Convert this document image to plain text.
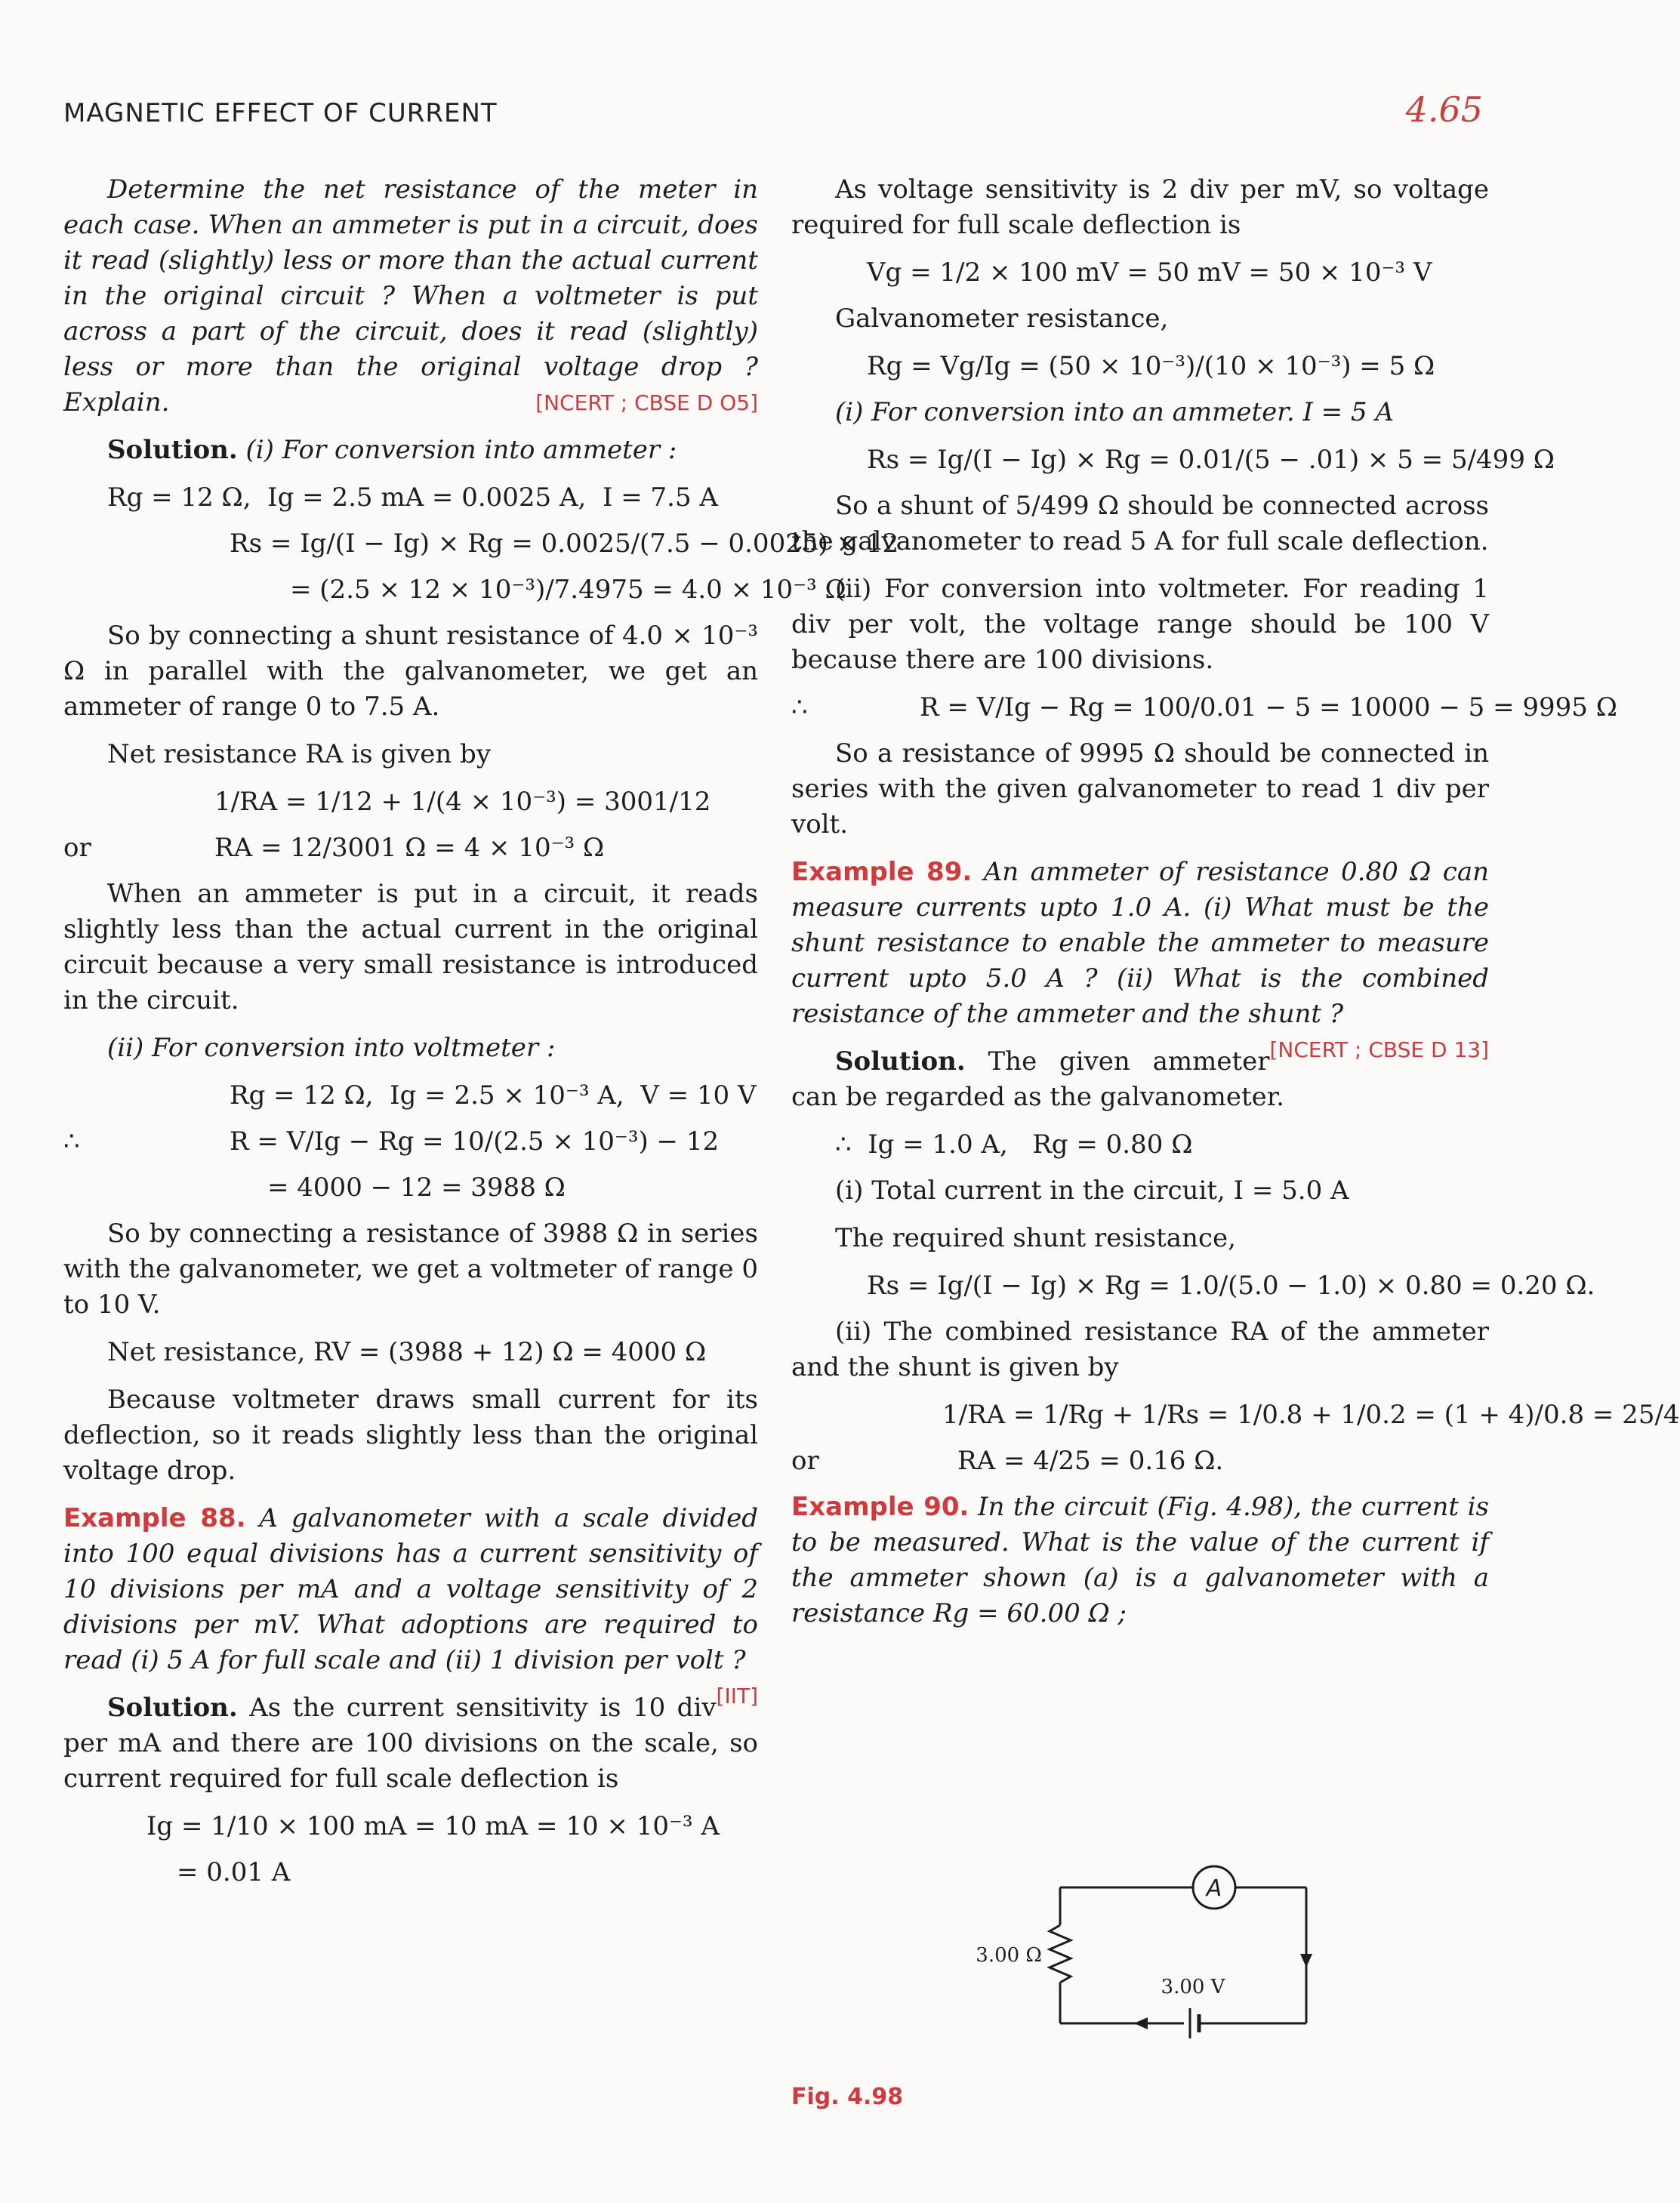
MAGNETIC EFFECT OF CURRENT	4.65

Determine the net resistance of the meter in each case. When an ammeter is put in a circuit, does it read (slightly) less or more than the actual current in the original circuit ? When a voltmeter is put across a part of the circuit, does it read (slightly) less or more than the original voltage drop ? Explain.	[NCERT ; CBSE D O5]

Solution. (i) For conversion into ammeter :

Rg = 12 Ω,  Ig = 2.5 mA = 0.0025 A,  I = 7.5 A
Rs = Ig/(I − Ig) × Rg = 0.0025/(7.5 − 0.0025) × 12
= (2.5 × 12 × 10⁻³)/7.4975 = 4.0 × 10⁻³ Ω

So by connecting a shunt resistance of 4.0 × 10⁻³ Ω in parallel with the galvanometer, we get an ammeter of range 0 to 7.5 A.

Net resistance RA is given by

1/RA = 1/12 + 1/(4 × 10⁻³) = 3001/12
or	RA = 12/3001 Ω = 4 × 10⁻³ Ω

When an ammeter is put in a circuit, it reads slightly less than the actual current in the original circuit because a very small resistance is introduced in the circuit.

(ii) For conversion into voltmeter :

Rg = 12 Ω,  Ig = 2.5 × 10⁻³ A,  V = 10 V
∴	R = V/Ig − Rg = 10/(2.5 × 10⁻³) − 12
= 4000 − 12 = 3988 Ω

So by connecting a resistance of 3988 Ω in series with the galvanometer, we get a voltmeter of range 0 to 10 V.

Net resistance, RV = (3988 + 12) Ω = 4000 Ω

Because voltmeter draws small current for its deflection, so it reads slightly less than the original voltage drop.

Example 88. A galvanometer with a scale divided into 100 equal divisions has a current sensitivity of 10 divisions per mA and a voltage sensitivity of 2 divisions per mV. What adoptions are required to read (i) 5 A for full scale and (ii) 1 division per volt ?
[IIT]

Solution. As the current sensitivity is 10 div per mA and there are 100 divisions on the scale, so current required for full scale deflection is

Ig = 1/10 × 100 mA = 10 mA = 10 × 10⁻³ A
= 0.01 A

As voltage sensitivity is 2 div per mV, so voltage required for full scale deflection is

Vg = 1/2 × 100 mV = 50 mV = 50 × 10⁻³ V

Galvanometer resistance,

Rg = Vg/Ig = (50 × 10⁻³)/(10 × 10⁻³) = 5 Ω

(i) For conversion into an ammeter. I = 5 A

Rs = Ig/(I − Ig) × Rg = 0.01/(5 − .01) × 5 = 5/499 Ω

So a shunt of 5/499 Ω should be connected across the galvanometer to read 5 A for full scale deflection.

(ii) For conversion into voltmeter. For reading 1 div per volt, the voltage range should be 100 V because there are 100 divisions.

∴	R = V/Ig − Rg = 100/0.01 − 5 = 10000 − 5 = 9995 Ω

So a resistance of 9995 Ω should be connected in series with the given galvanometer to read 1 div per volt.

Example 89. An ammeter of resistance 0.80 Ω can measure currents upto 1.0 A. (i) What must be the shunt resistance to enable the ammeter to measure current upto 5.0 A ? (ii) What is the combined resistance of the ammeter and the shunt ?
[NCERT ; CBSE D 13]

Solution. The given ammeter can be regarded as the galvanometer.

∴  Ig = 1.0 A,   Rg = 0.80 Ω

(i) Total current in the circuit, I = 5.0 A

The required shunt resistance,

Rs = Ig/(I − Ig) × Rg = 1.0/(5.0 − 1.0) × 0.80 = 0.20 Ω.

(ii) The combined resistance RA of the ammeter and the shunt is given by

1/RA = 1/Rg + 1/Rs = 1/0.8 + 1/0.2 = (1 + 4)/0.8 = 25/4
or	RA = 4/25 = 0.16 Ω.

Example 90. In the circuit (Fig. 4.98), the current is to be measured. What is the value of the current if the ammeter shown (a) is a galvanometer with a resistance Rg = 60.00 Ω ;

A
3.00 Ω
3.00 V
Fig. 4.98
